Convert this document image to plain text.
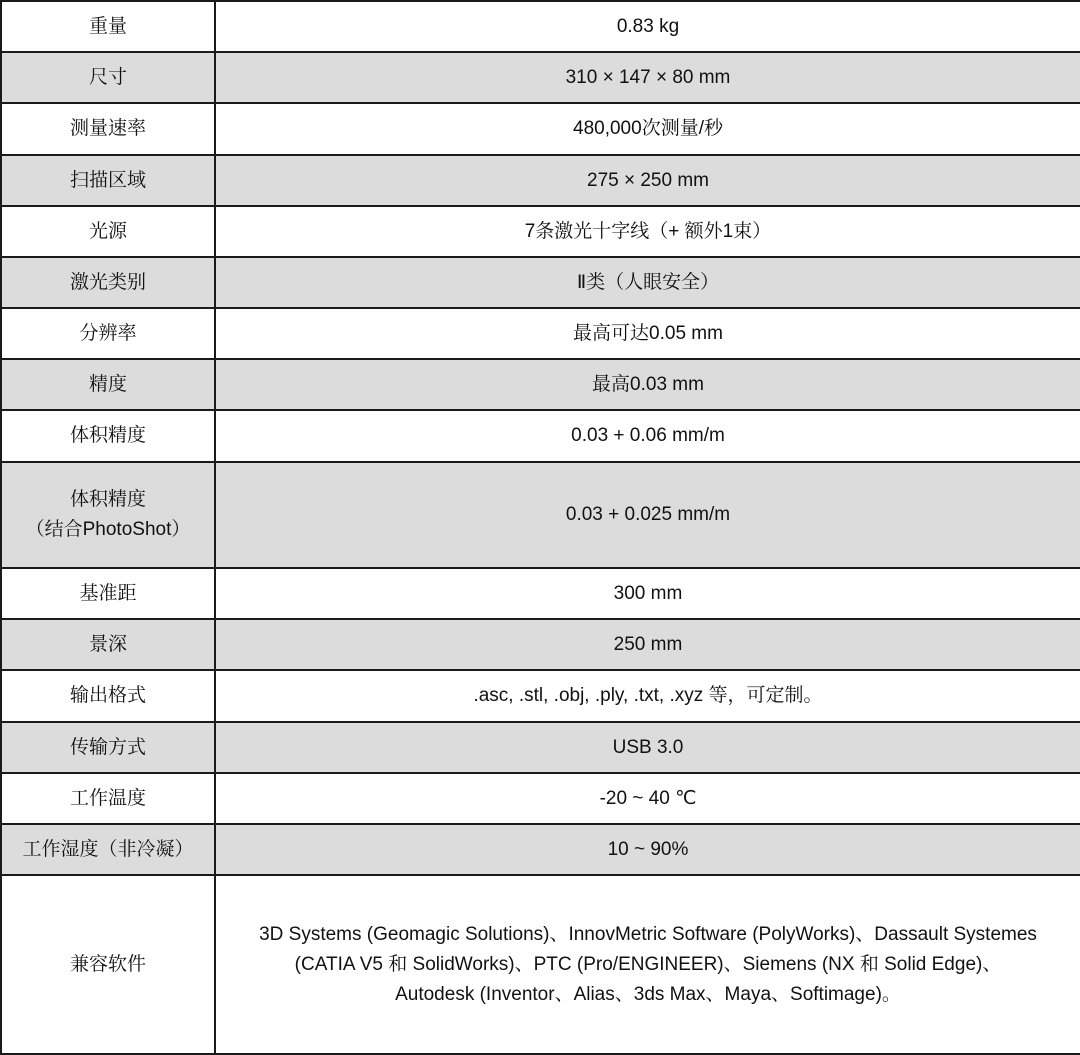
重量	0.83 kg
尺寸	310 × 147 × 80 mm
测量速率	480,000次测量/秒
扫描区域	275 × 250 mm
光源	7条激光十字线（+ 额外1束）
激光类别	Ⅱ类（人眼安全）
分辨率	最高可达0.05 mm
精度	最高0.03 mm
体积精度	0.03 + 0.06 mm/m

体积精度
（结合PhotoShot）	0.03 + 0.025 mm/m
基准距	300 mm
景深	250 mm
输出格式	.asc, .stl, .obj, .ply, .txt, .xyz 等，可定制。
传输方式	USB 3.0
工作温度	-20 ~ 40 ℃
工作湿度（非冷凝）	10 ~ 90%
兼容软件	3D Systems (Geomagic Solutions)、InnovMetric Software (PolyWorks)、Dassault Systemes
(CATIA V5 和 SolidWorks)、PTC (Pro/ENGINEER)、Siemens (NX 和 Solid Edge)、
Autodesk (Inventor、Alias、3ds Max、Maya、Softimage)。
